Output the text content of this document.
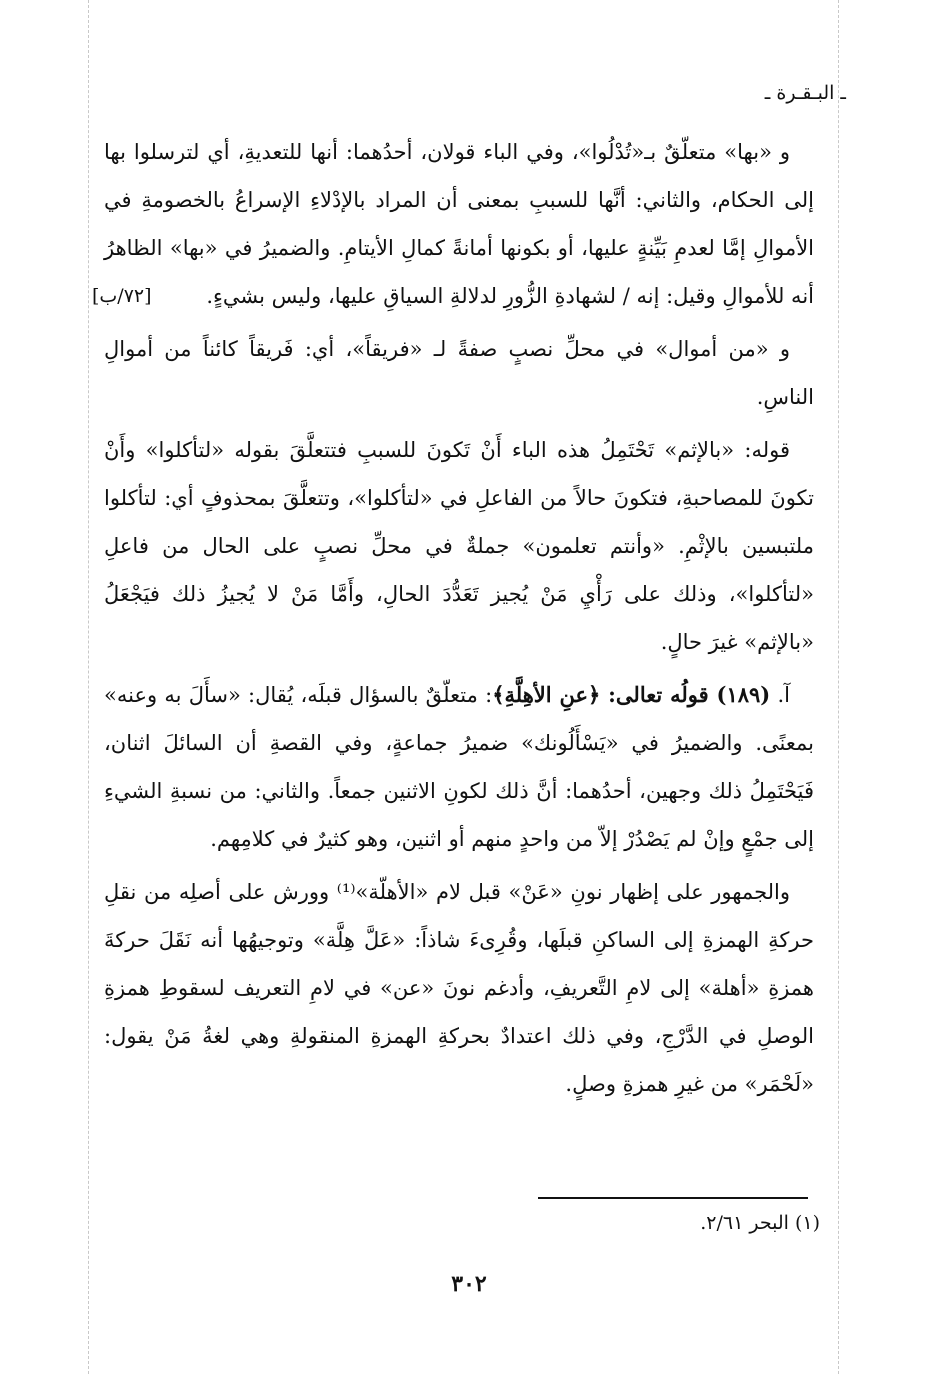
ـ البـقـرة ـ
[٧٢/ب]

و «بها» متعلّقٌ بـ«تُدْلُوا»، وفي الباء قولان، أحدُهما: أنها للتعديةِ، أي لترسلوا بها إلى الحكام، والثاني: أنَّها للسببِ بمعنى أن المراد بالإدْلاءِ الإسراعُ بالخصومةِ في الأموالِ إمَّا لعدمِ بَيِّنةٍ عليها، أو بكونها أمانةً كمالِ الأيتامِ. والضميرُ في «بها» الظاهرُ أنه للأموالِ وقيل: إنه / لشهادةِ الزُّورِ لدلالةِ السياقِ عليها، وليس بشيءٍ.

و «من أموال» في محلِّ نصبٍ صفةً لـ «فريقاً»، أي: فَريقاً كائناً من أموالِ الناسِ.

قوله: «بالإثم» تَحْتَمِلُ هذه الباء أَنْ تَكونَ للسببِ فتتعلَّقَ بقوله «لتأكلوا» وأَنْ تكونَ للمصاحبةِ، فتكونَ حالاً من الفاعلِ في «لتأكلوا»، وتتعلَّقَ بمحذوفٍ أي: لتأكلوا ملتبسين بالإثْمِ. «وأنتم تعلمون» جملةٌ في محلِّ نصبٍ على الحال من فاعلِ «لتأكلوا»، وذلك على رَأْيِ مَنْ يُجيز تَعَدُّدَ الحالِ، وأَمَّا مَنْ لا يُجيزُ ذلك فيَجْعَلُ «بالإثم» غيرَ حالٍ.

آ. (١٨٩) قولُه تعالى: ﴿عنِ الأهِلَّةِ﴾: متعلّقٌ بالسؤال قبلَه، يُقال: «سأَلَ به وعنه» بمعنًى. والضميرُ في «يَسْأَلُونك» ضميرُ جماعةٍ، وفي القصةِ أن السائلَ اثنان، فَيَحْتَمِلُ ذلك وجهين، أحدُهما: أنَّ ذلك لكونِ الاثنين جمعاً. والثاني: من نسبةِ الشيءِ إلى جمْعٍ وإنْ لم يَصْدُرْ إلاّ من واحدٍ منهم أو اثنين، وهو كثيرٌ في كلامِهم.

والجمهور على إظهار نونِ «عَنْ» قبل لام «الأهلّة»⁽¹⁾ وورش على أصلِه من نقلِ حركةِ الهمزةِ إلى الساكنِ قبلَها، وقُرِىءَ شاذاً: «عَلَّ هِلَّة» وتوجيهُها أنه نَقَلَ حركةَ همزةِ «أهلة» إلى لامِ التَّعريفِ، وأدغم نونَ «عن» في لامِ التعريف لسقوطِ همزةِ الوصلِ في الدَّرْجِ، وفي ذلك اعتدادٌ بحركةِ الهمزةِ المنقولةِ وهي لغةُ مَنْ يقول: «لَحْمَر» من غيرِ همزةِ وصلٍ.

(١) البحر ٢/٦١.
٣٠٢
